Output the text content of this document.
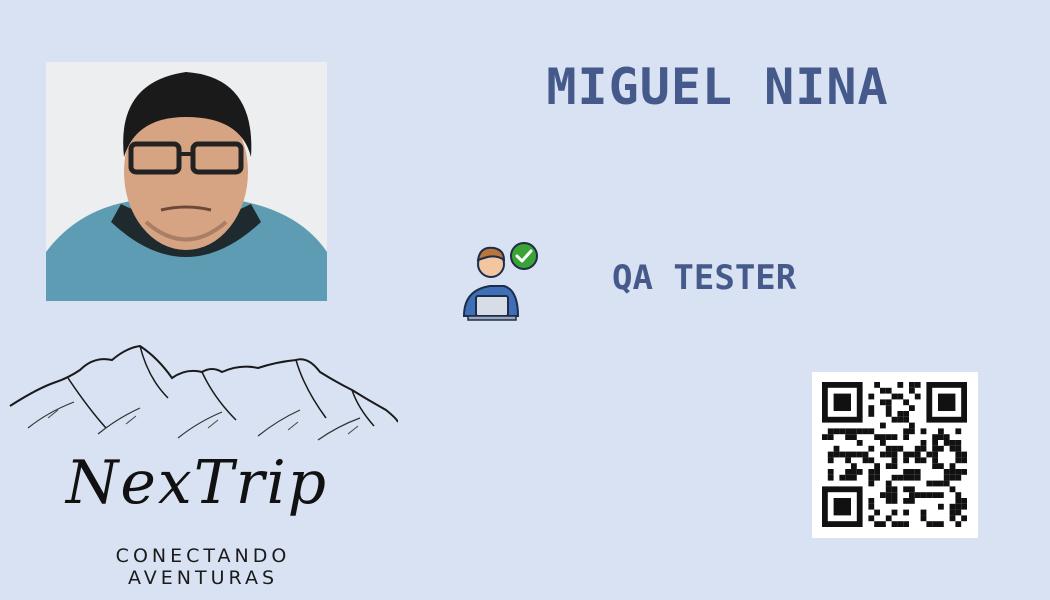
MIGUEL NINA
QA TESTER
NexTrip
CONECTANDO AVENTURAS
